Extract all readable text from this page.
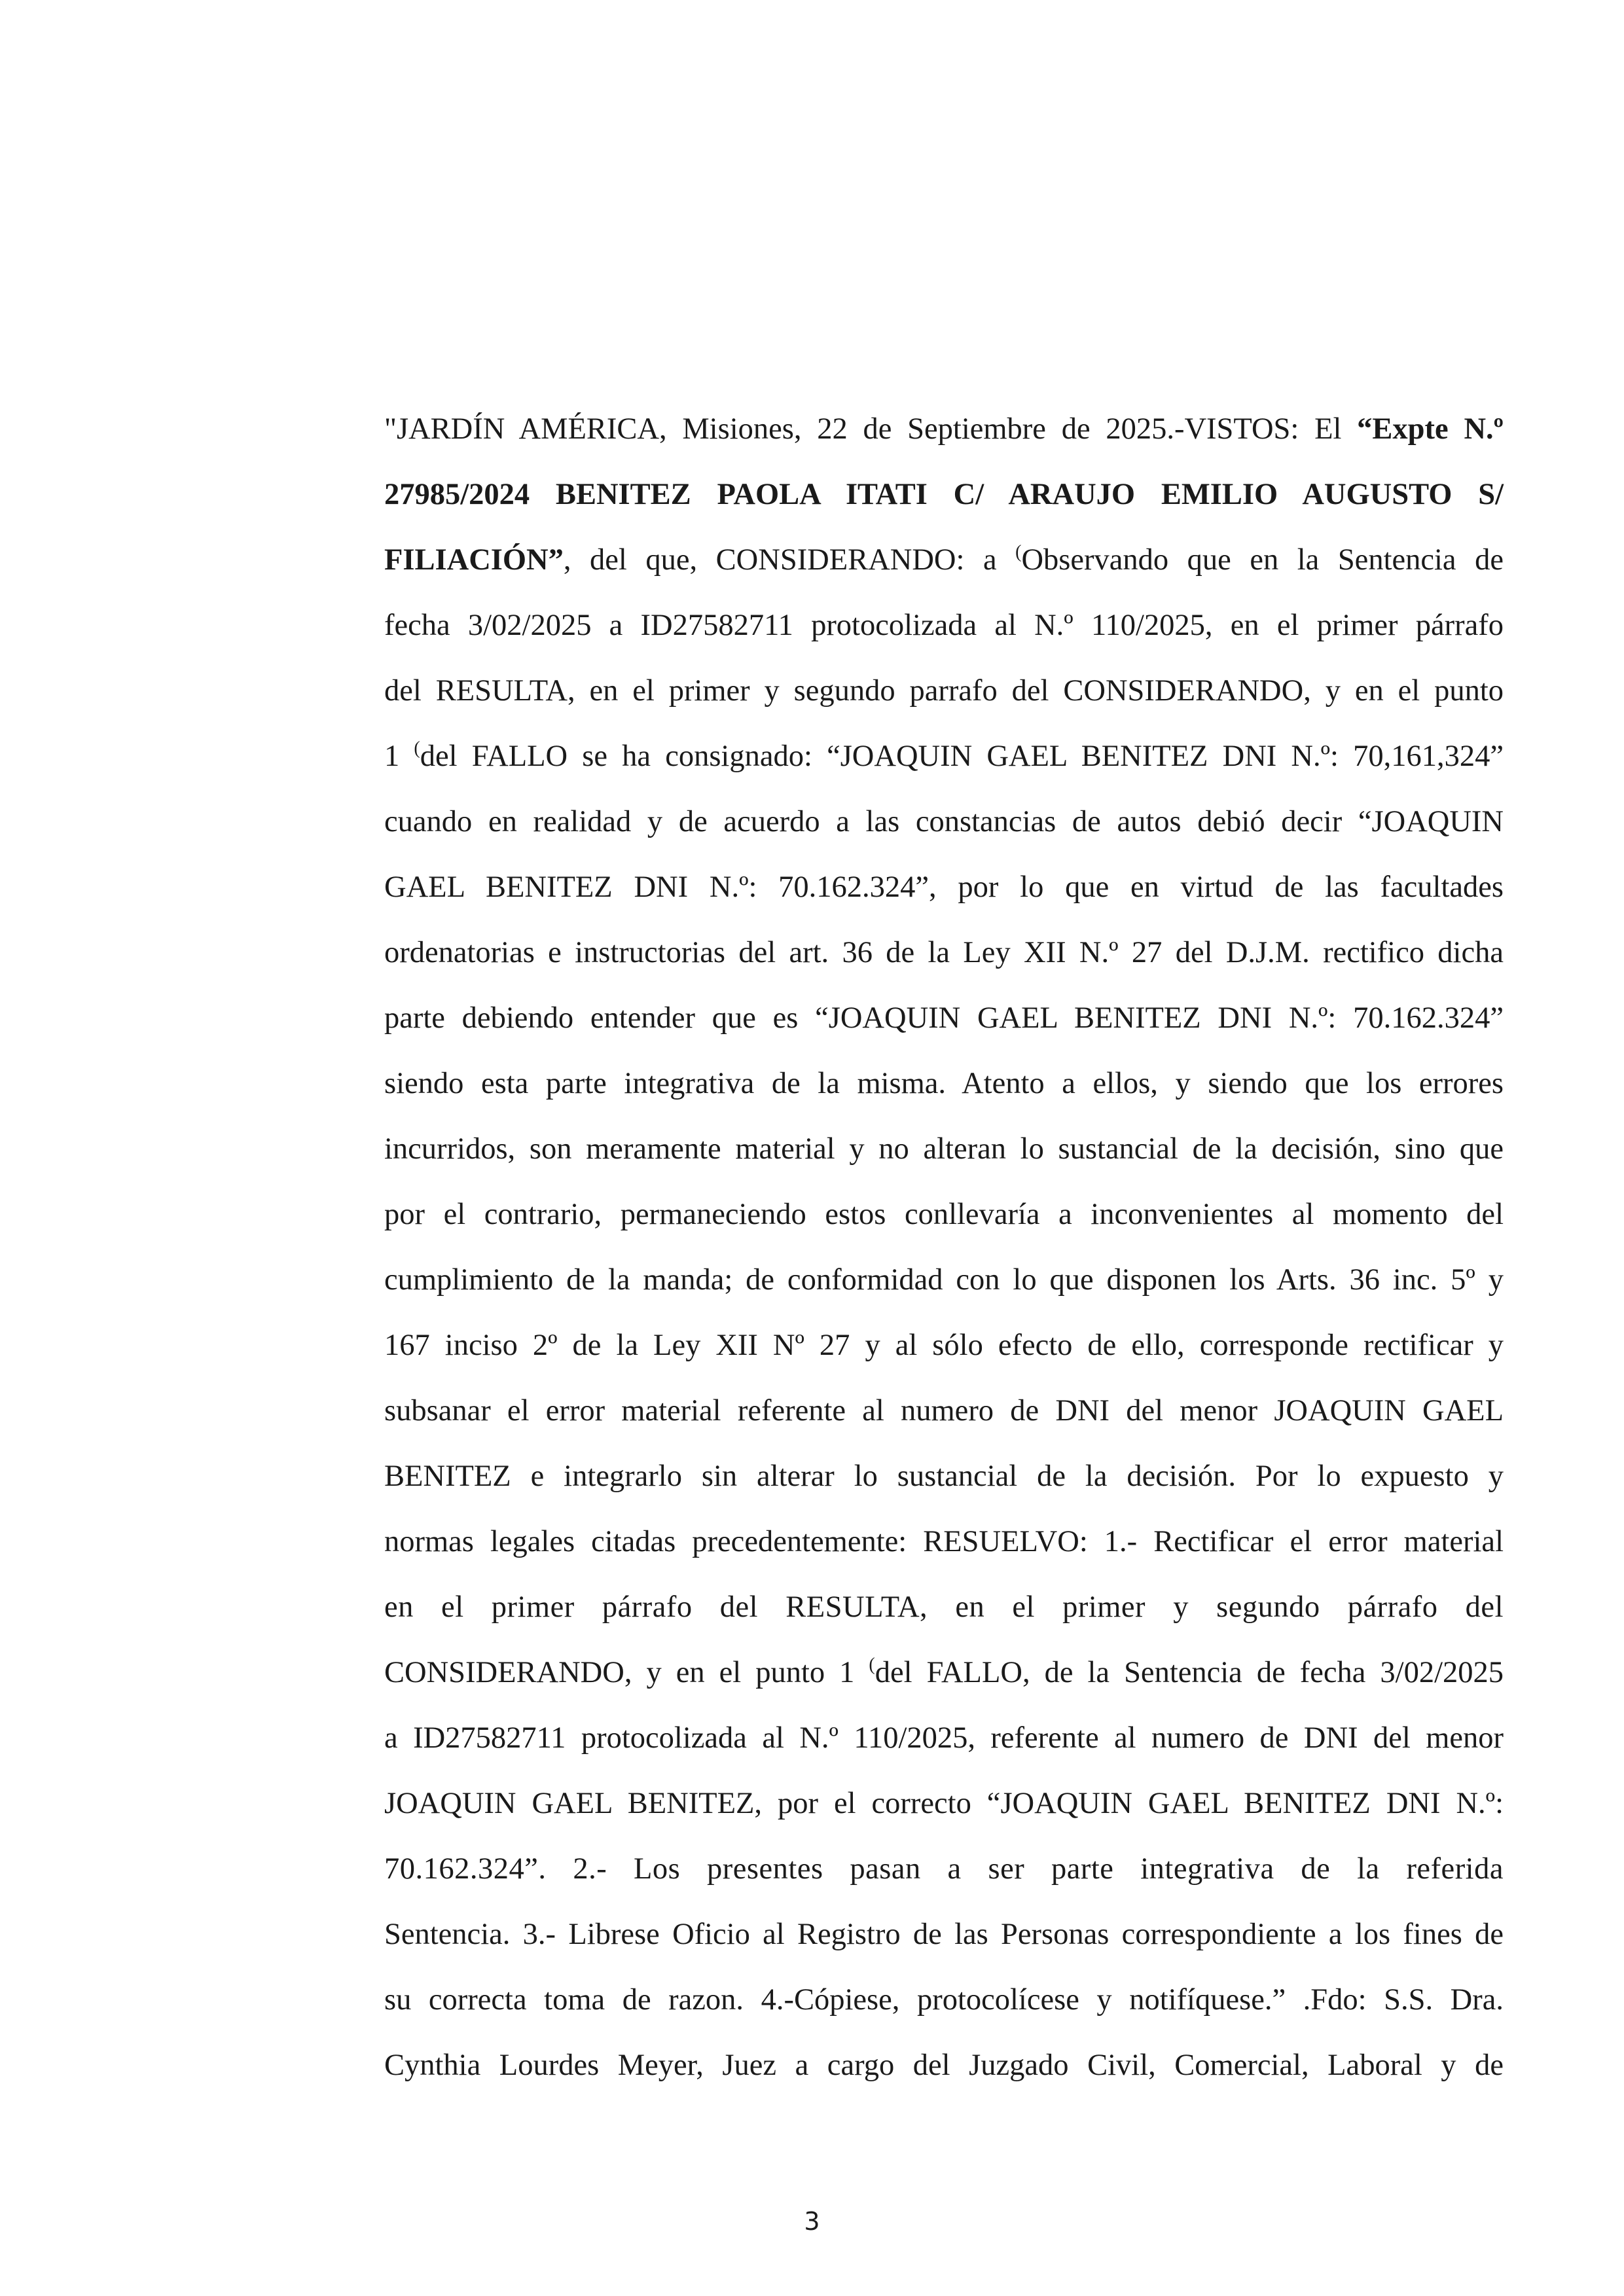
"JARDÍN AMÉRICA, Misiones, 22 de Septiembre de 2025.-VISTOS: El “Expte N.º
27985/2024 BENITEZ PAOLA ITATI C/ ARAUJO EMILIO AUGUSTO S/
FILIACIÓN”, del que, CONSIDERANDO: a (Observando que en la Sentencia de
fecha 3/02/2025 a ID27582711 protocolizada al N.º 110/2025, en el primer párrafo
del RESULTA, en el primer y segundo parrafo del CONSIDERANDO, y en el punto
1 (del FALLO se ha consignado: “JOAQUIN GAEL BENITEZ DNI N.º: 70,161,324”
cuando en realidad y de acuerdo a las constancias de autos debió decir “JOAQUIN
GAEL BENITEZ DNI N.º: 70.162.324”, por lo que en virtud de las facultades
ordenatorias e instructorias del art. 36 de la Ley XII N.º 27 del D.J.M. rectifico dicha
parte debiendo entender que es “JOAQUIN GAEL BENITEZ DNI N.º: 70.162.324”
siendo esta parte integrativa de la misma. Atento a ellos, y siendo que los errores
incurridos, son meramente material y no alteran lo sustancial de la decisión, sino que
por el contrario, permaneciendo estos conllevaría a inconvenientes al momento del
cumplimiento de la manda; de conformidad con lo que disponen los Arts. 36 inc. 5º y
167 inciso 2º de la Ley XII Nº 27 y al sólo efecto de ello, corresponde rectificar y
subsanar el error material referente al numero de DNI del menor JOAQUIN GAEL
BENITEZ e integrarlo sin alterar lo sustancial de la decisión. Por lo expuesto y
normas legales citadas precedentemente: RESUELVO: 1.- Rectificar el error material
en el primer párrafo del RESULTA, en el primer y segundo párrafo del
CONSIDERANDO, y en el punto 1 (del FALLO, de la Sentencia de fecha 3/02/2025
a ID27582711 protocolizada al N.º 110/2025, referente al numero de DNI del menor
JOAQUIN GAEL BENITEZ, por el correcto “JOAQUIN GAEL BENITEZ DNI N.º:
70.162.324”. 2.- Los presentes pasan a ser parte integrativa de la referida
Sentencia. 3.- Librese Oficio al Registro de las Personas correspondiente a los fines de
su correcta toma de razon. 4.-Cópiese, protocolícese y notifíquese.” .Fdo: S.S. Dra.
Cynthia Lourdes Meyer, Juez a cargo del Juzgado Civil, Comercial, Laboral y de
3
